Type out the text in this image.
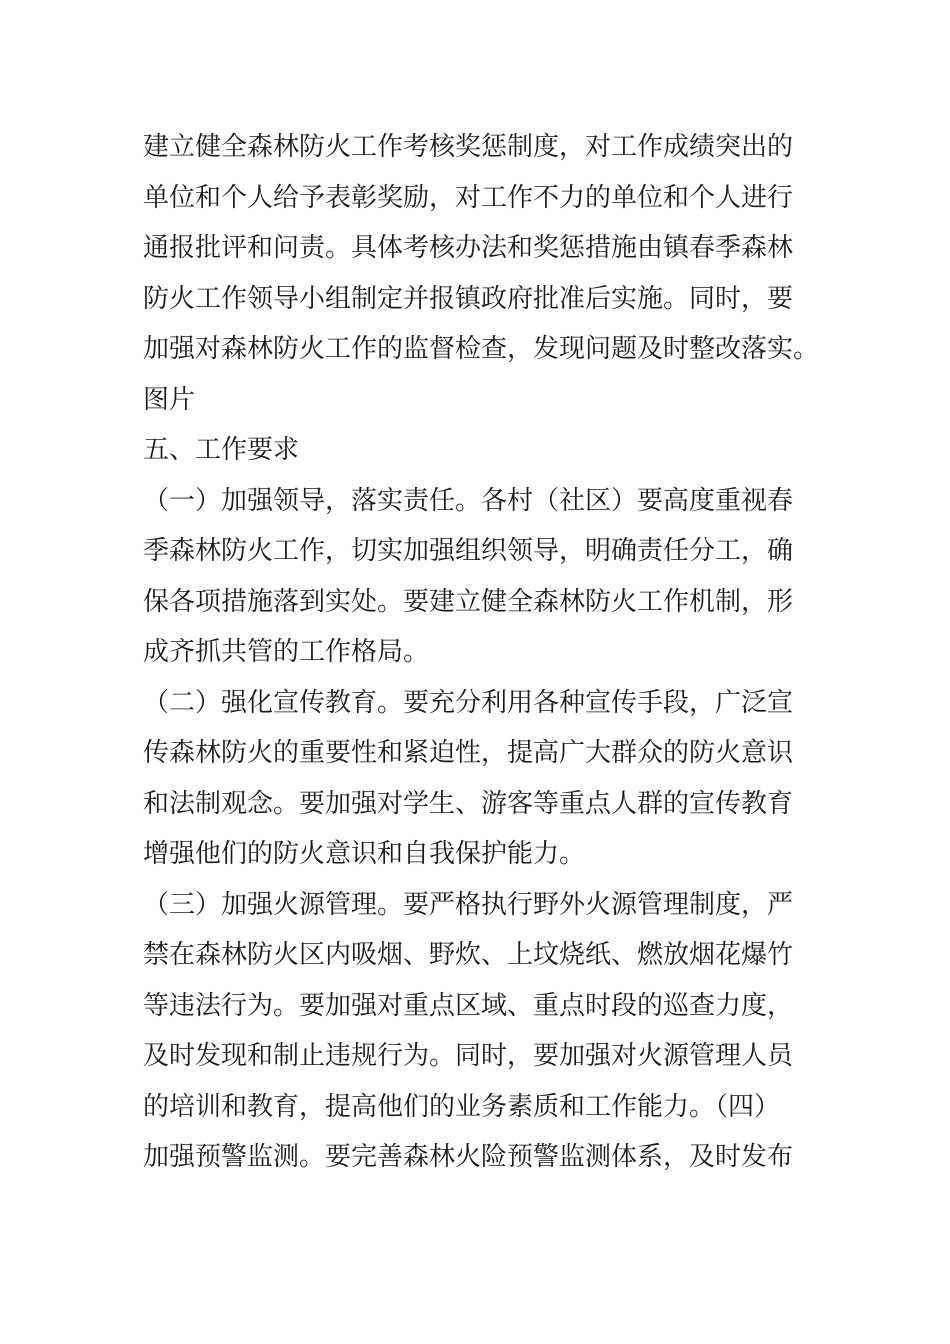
建立健全森林防火工作考核奖惩制度，对工作成绩突出的
单位和个人给予表彰奖励，对工作不力的单位和个人进行
通报批评和问责。具体考核办法和奖惩措施由镇春季森林
防火工作领导小组制定并报镇政府批准后实施。同时，要
加强对森林防火工作的监督检查，发现问题及时整改落实。
图片
五、工作要求
（一）加强领导，落实责任。各村（社区）要高度重视春
季森林防火工作，切实加强组织领导，明确责任分工，确
保各项措施落到实处。要建立健全森林防火工作机制，形
成齐抓共管的工作格局。
（二）强化宣传教育。要充分利用各种宣传手段，广泛宣
传森林防火的重要性和紧迫性，提高广大群众的防火意识
和法制观念。要加强对学生、游客等重点人群的宣传教育
增强他们的防火意识和自我保护能力。
（三）加强火源管理。要严格执行野外火源管理制度，严
禁在森林防火区内吸烟、野炊、上坟烧纸、燃放烟花爆竹
等违法行为。要加强对重点区域、重点时段的巡查力度，
及时发现和制止违规行为。同时，要加强对火源管理人员
的培训和教育，提高他们的业务素质和工作能力。（四）
加强预警监测。要完善森林火险预警监测体系，及时发布
